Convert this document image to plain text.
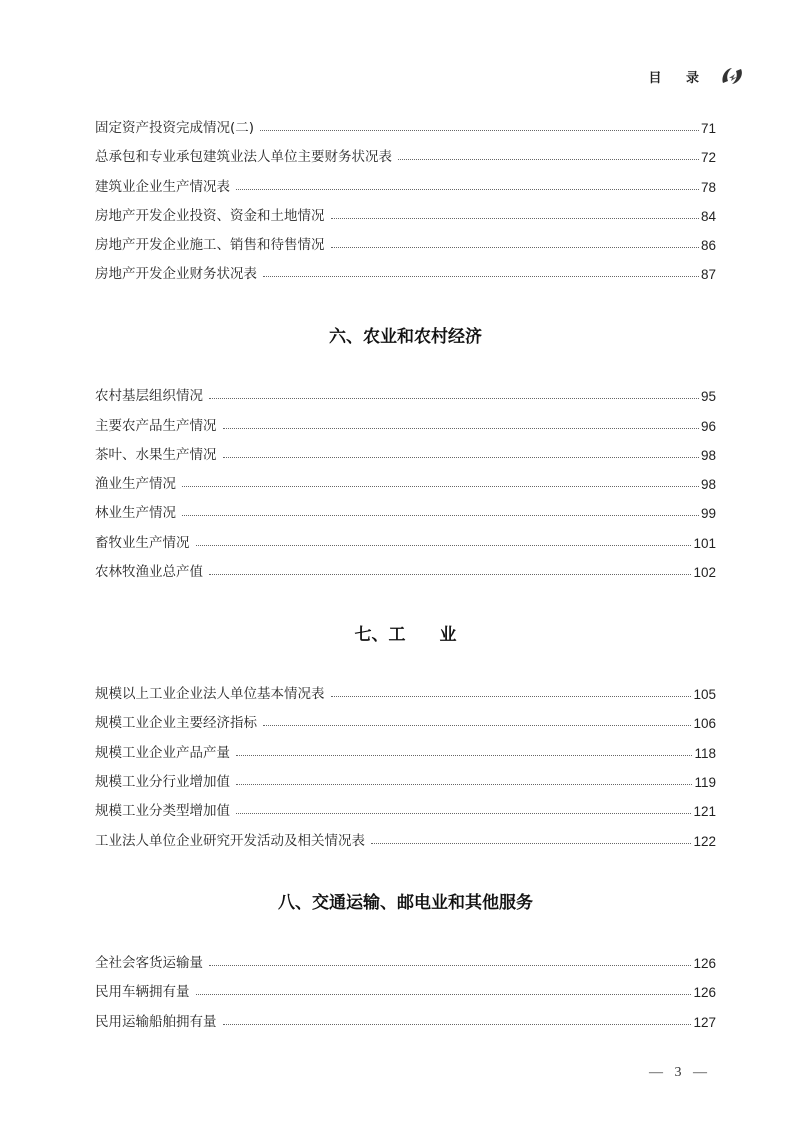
目 录
固定资产投资完成情况(二)	71
总承包和专业承包建筑业法人单位主要财务状况表	72
建筑业企业生产情况表	78
房地产开发企业投资、资金和土地情况	84
房地产开发企业施工、销售和待售情况	86
房地产开发企业财务状况表	87
六、农业和农村经济
农村基层组织情况	95
主要农产品生产情况	96
茶叶、水果生产情况	98
渔业生产情况	98
林业生产情况	99
畜牧业生产情况	101
农林牧渔业总产值	102
七、工　　业
规模以上工业企业法人单位基本情况表	105
规模工业企业主要经济指标	106
规模工业企业产品产量	118
规模工业分行业增加值	119
规模工业分类型增加值	121
工业法人单位企业研究开发活动及相关情况表	122
八、交通运输、邮电业和其他服务
全社会客货运输量	126
民用车辆拥有量	126
民用运输船舶拥有量	127
— 3 —
